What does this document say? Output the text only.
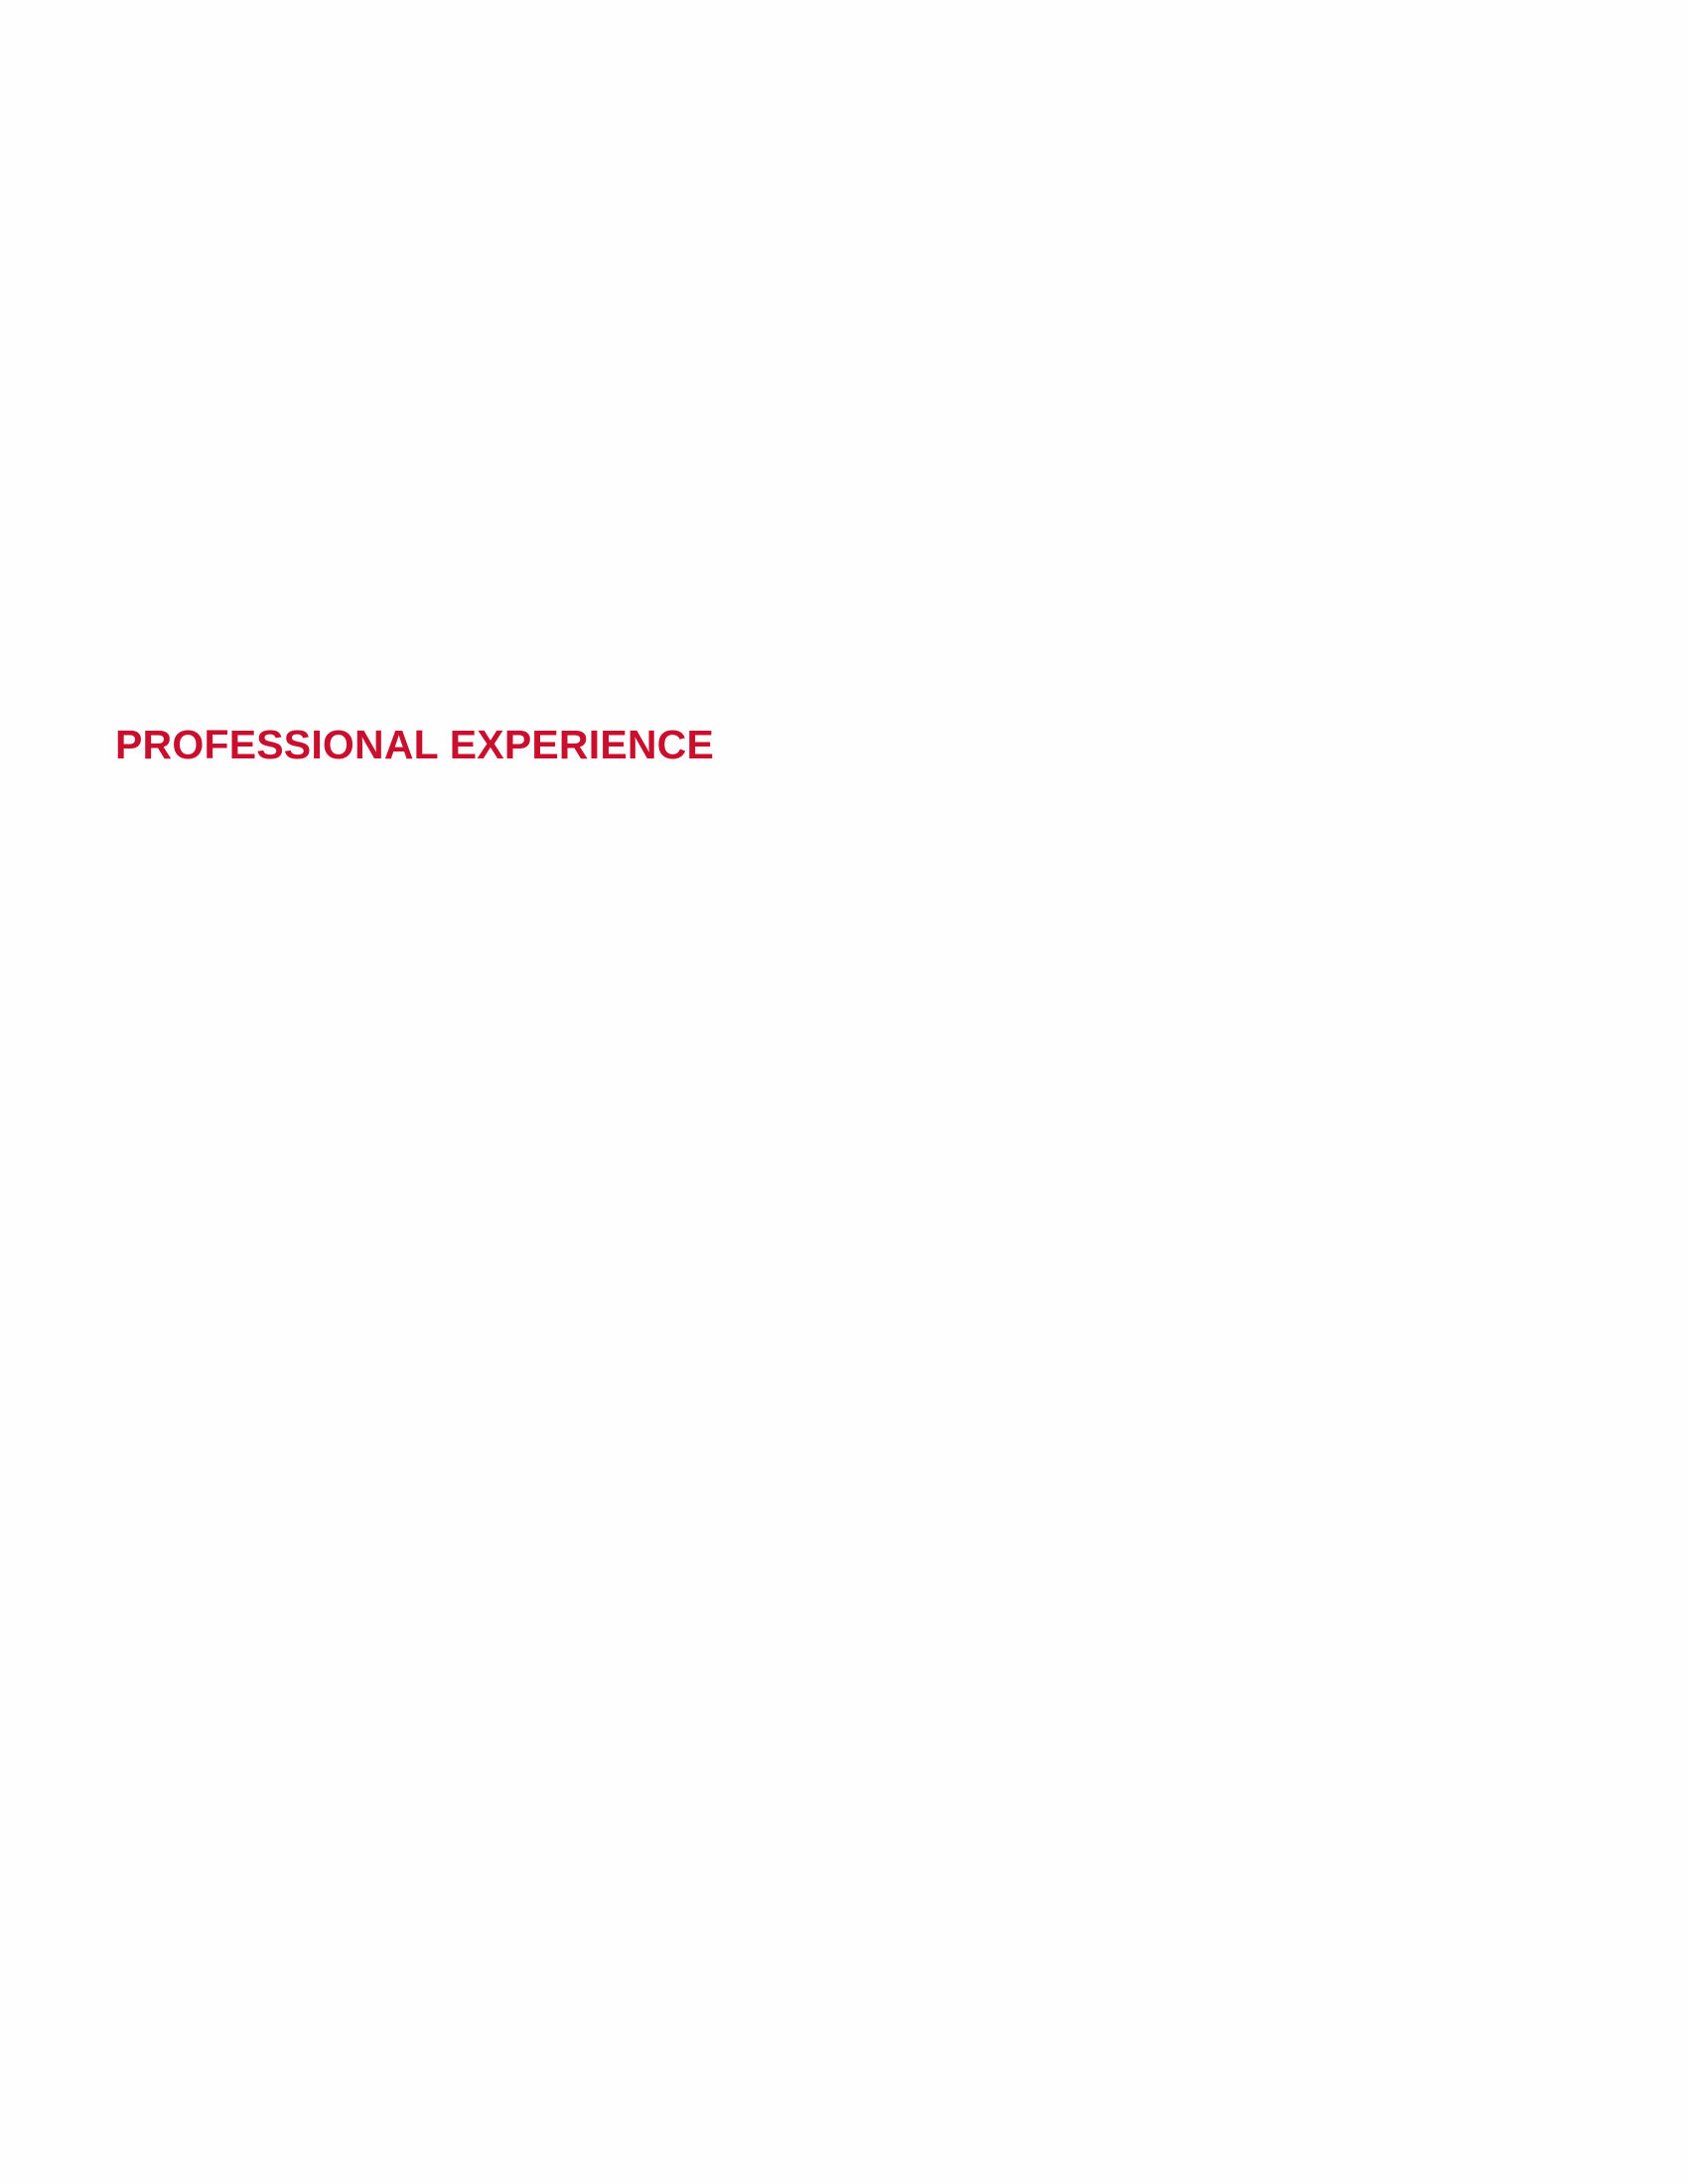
PROFESSIONAL EXPERIENCE
